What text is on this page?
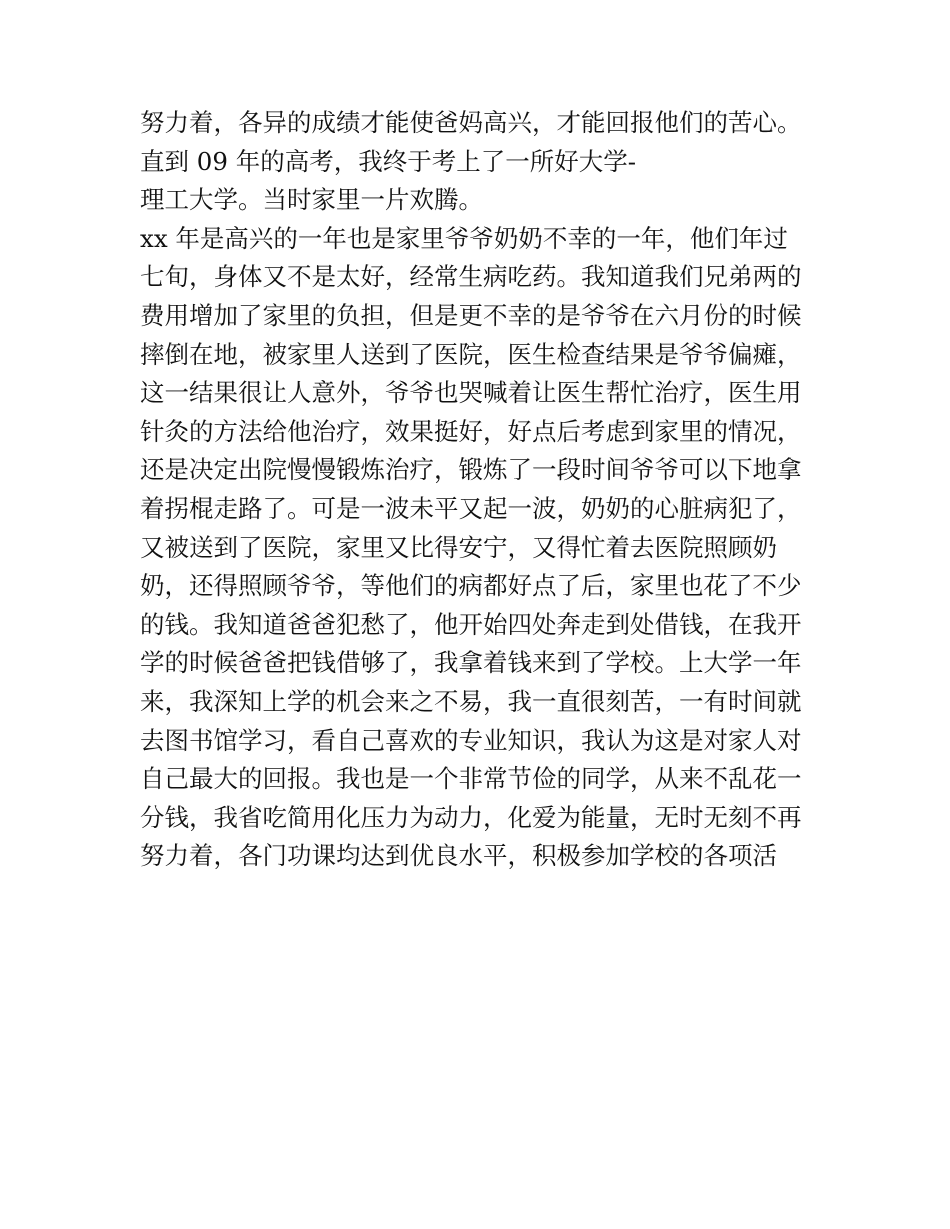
努力着，各异的成绩才能使爸妈高兴，才能回报他们的苦心。
直到 09 年的高考，我终于考上了一所好大学-
理工大学。当时家里一片欢腾。
xx 年是高兴的一年也是家里爷爷奶奶不幸的一年，他们年过
七旬，身体又不是太好，经常生病吃药。我知道我们兄弟两的
费用增加了家里的负担，但是更不幸的是爷爷在六月份的时候
摔倒在地，被家里人送到了医院，医生检查结果是爷爷偏瘫，
这一结果很让人意外，爷爷也哭喊着让医生帮忙治疗，医生用
针灸的方法给他治疗，效果挺好，好点后考虑到家里的情况，
还是决定出院慢慢锻炼治疗，锻炼了一段时间爷爷可以下地拿
着拐棍走路了。可是一波未平又起一波，奶奶的心脏病犯了，
又被送到了医院，家里又比得安宁，又得忙着去医院照顾奶
奶，还得照顾爷爷，等他们的病都好点了后，家里也花了不少
的钱。我知道爸爸犯愁了，他开始四处奔走到处借钱，在我开
学的时候爸爸把钱借够了，我拿着钱来到了学校。上大学一年
来，我深知上学的机会来之不易，我一直很刻苦，一有时间就
去图书馆学习，看自己喜欢的专业知识，我认为这是对家人对
自己最大的回报。我也是一个非常节俭的同学，从来不乱花一
分钱，我省吃简用化压力为动力，化爱为能量，无时无刻不再
努力着，各门功课均达到优良水平，积极参加学校的各项活
